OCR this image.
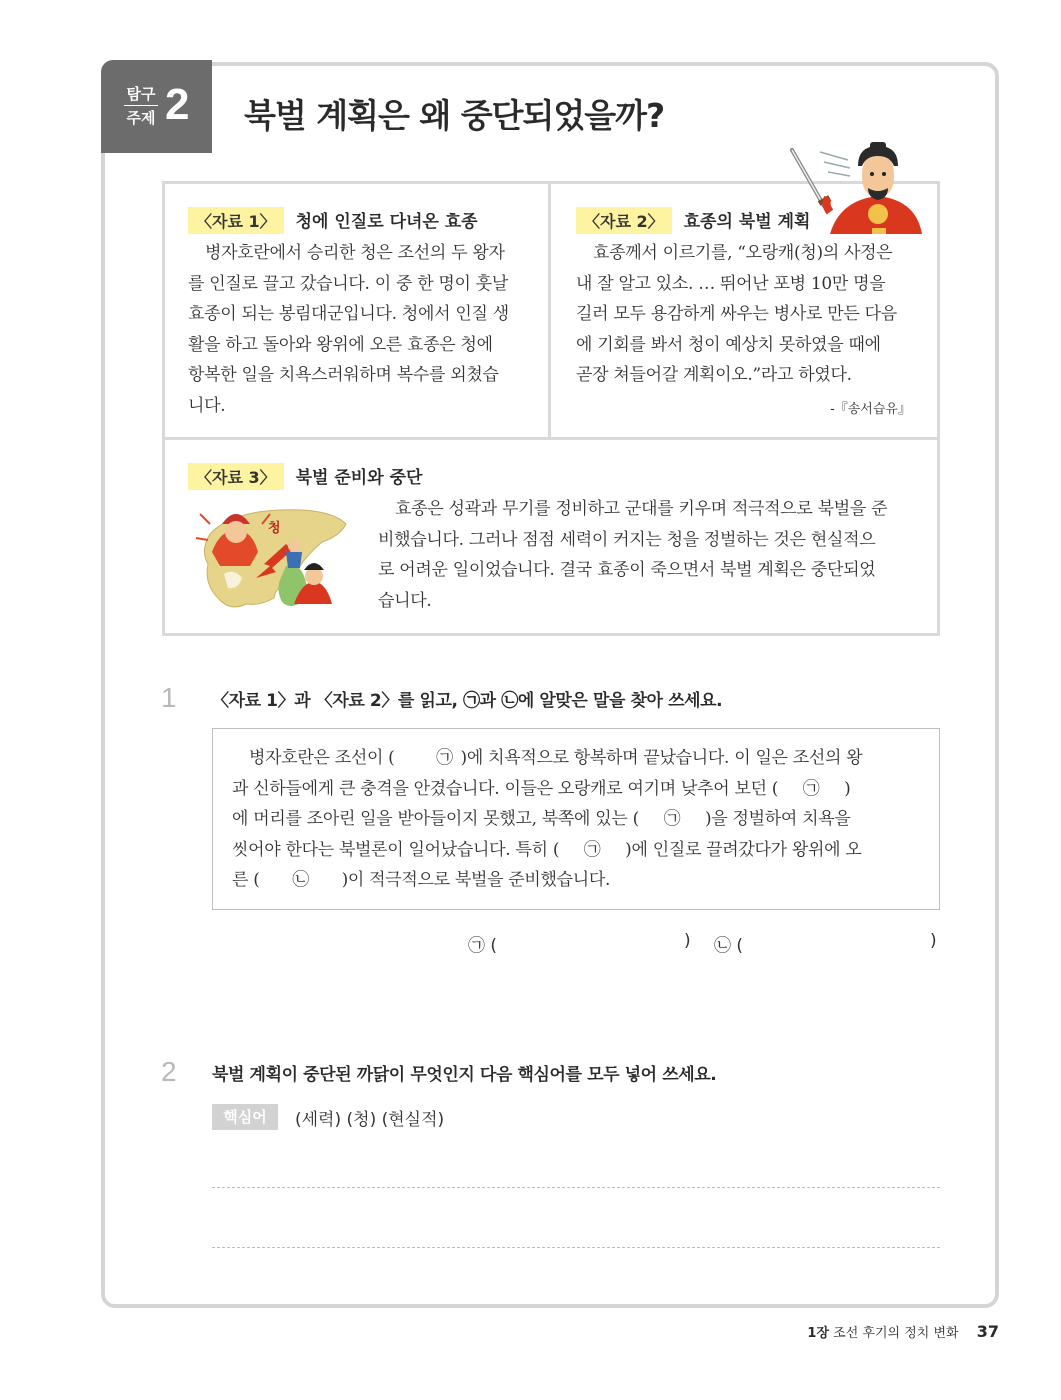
탐구
주제 2 북벌 계획은 왜 중단되었을까?
〈자료 1〉 청에 인질로 다녀온 효종
병자호란에서 승리한 청은 조선의 두 왕자
를 인질로 끌고 갔습니다. 이 중 한 명이 훗날
효종이 되는 봉림대군입니다. 청에서 인질 생
활을 하고 돌아와 왕위에 오른 효종은 청에
항복한 일을 치욕스러워하며 복수를 외쳤습
니다.
〈자료 2〉 효종의 북벌 계획
효종께서 이르기를, “오랑캐(청)의 사정은
내 잘 알고 있소. … 뛰어난 포병 10만 명을
길러 모두 용감하게 싸우는 병사로 만든 다음
에 기회를 봐서 청이 예상치 못하였을 때에
곧장 쳐들어갈 계획이오.”라고 하였다.
-『송서습유』
〈자료 3〉 북벌 준비와 중단
청
효종은 성곽과 무기를 정비하고 군대를 키우며 적극적으로 북벌을 준
비했습니다. 그러나 점점 세력이 커지는 청을 정벌하는 것은 현실적으
로 어려운 일이었습니다. 결국 효종이 죽으면서 북벌 계획은 중단되었
습니다.
1 〈자료 1〉과 〈자료 2〉를 읽고, ㉠과 ㉡에 알맞은 말을 찾아 쓰세요.
병자호란은 조선이 ( ㉠ )에 치욕적으로 항복하며 끝났습니다. 이 일은 조선의 왕
과 신하들에게 큰 충격을 안겼습니다. 이들은 오랑캐로 여기며 낮추어 보던 ( ㉠ )
에 머리를 조아린 일을 받아들이지 못했고, 북쪽에 있는 ( ㉠ )을 정벌하여 치욕을
씻어야 한다는 북벌론이 일어났습니다. 특히 ( ㉠ )에 인질로 끌려갔다가 왕위에 오
른 ( ㉡ )이 적극적으로 북벌을 준비했습니다.
㉠ (	) ㉡ (	)
2 북벌 계획이 중단된 까닭이 무엇인지 다음 핵심어를 모두 넣어 쓰세요.
핵심어	(세력) (청) (현실적)
1장 조선 후기의 정치 변화 37
